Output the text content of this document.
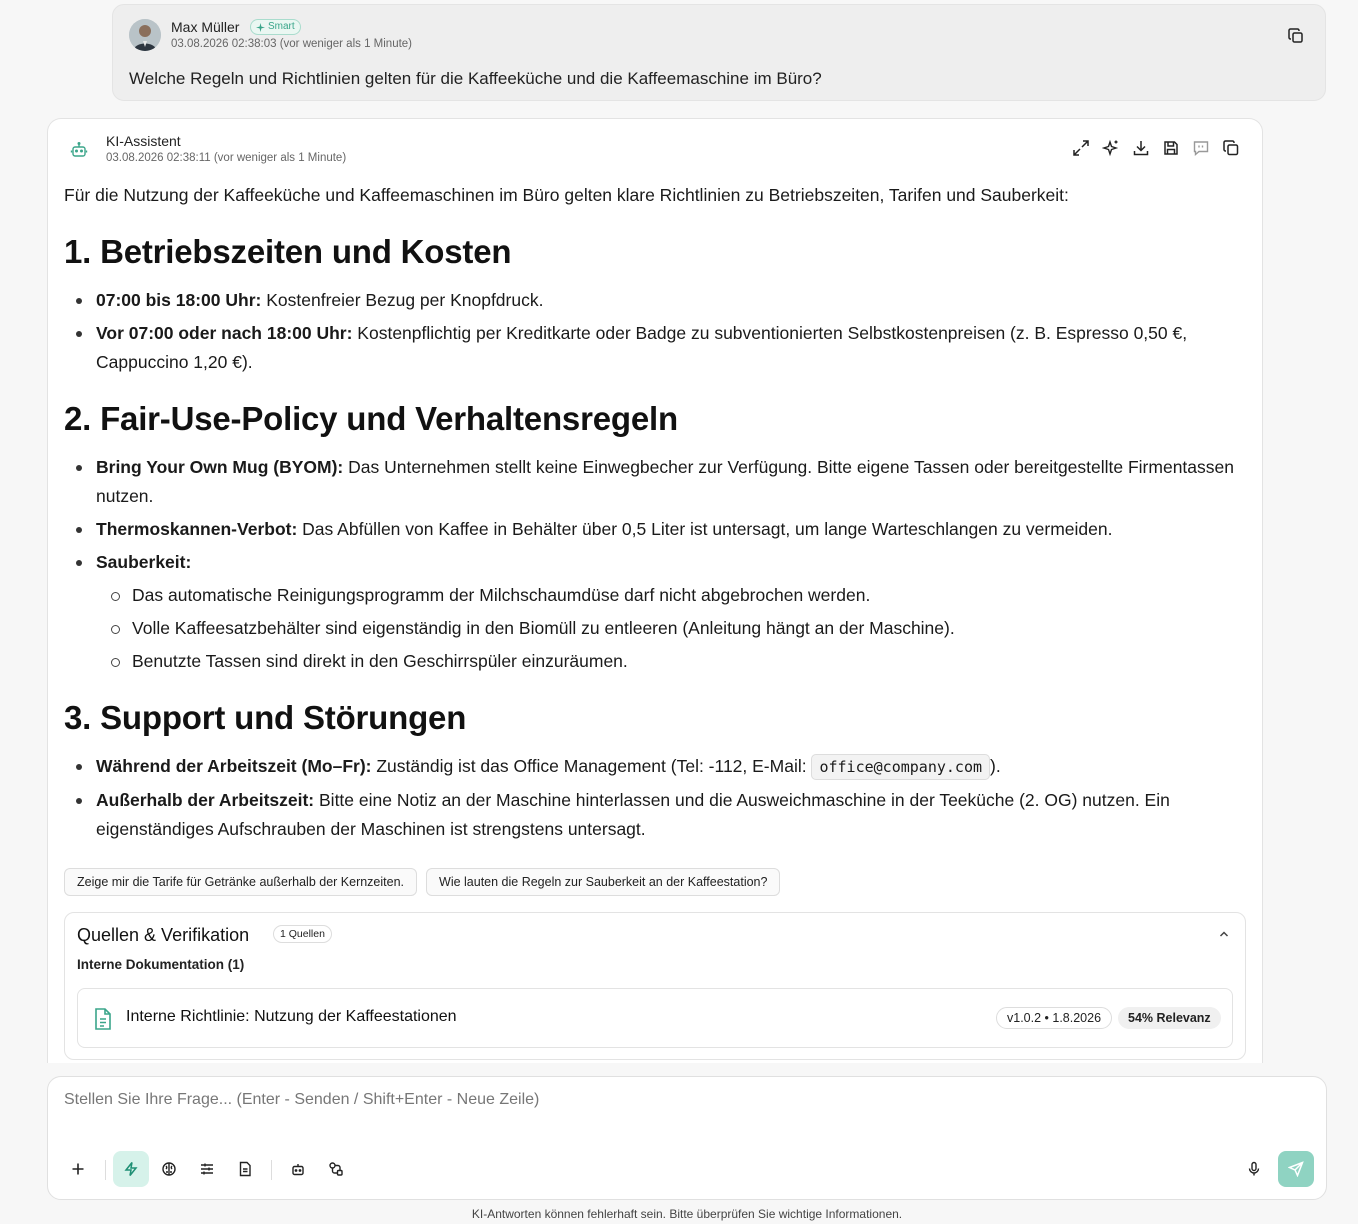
Max Müller	Smart
03.08.2026 02:38:03 (vor weniger als 1 Minute)
Welche Regeln und Richtlinien gelten für die Kaffeeküche und die Kaffeemaschine im Büro?
KI-Assistent
03.08.2026 02:38:11 (vor weniger als 1 Minute)

Für die Nutzung der Kaffeeküche und Kaffeemaschinen im Büro gelten klare Richtlinien zu Betriebszeiten, Tarifen und Sauberkeit:

1. Betriebszeiten und Kosten
07:00 bis 18:00 Uhr: Kostenfreier Bezug per Knopfdruck.
Vor 07:00 oder nach 18:00 Uhr: Kostenpflichtig per Kreditkarte oder Badge zu subventionierten Selbstkostenpreisen (z. B. Espresso 0,50 €, Cappuccino 1,20 €).
2. Fair-Use-Policy und Verhaltensregeln
Bring Your Own Mug (BYOM): Das Unternehmen stellt keine Einwegbecher zur Verfügung. Bitte eigene Tassen oder bereitgestellte Firmentassen nutzen.
Thermoskannen-Verbot: Das Abfüllen von Kaffee in Behälter über 0,5 Liter ist untersagt, um lange Warteschlangen zu vermeiden.
Sauberkeit:
Das automatische Reinigungsprogramm der Milchschaumdüse darf nicht abgebrochen werden.
Volle Kaffeesatzbehälter sind eigenständig in den Biomüll zu entleeren (Anleitung hängt an der Maschine).
Benutzte Tassen sind direkt in den Geschirrspüler einzuräumen.
3. Support und Störungen
Während der Arbeitszeit (Mo–Fr): Zuständig ist das Office Management (Tel: -112, E-Mail: office@company.com ).
Außerhalb der Arbeitszeit: Bitte eine Notiz an der Maschine hinterlassen und die Ausweichmaschine in der Teeküche (2. OG) nutzen. Ein eigenständiges Aufschrauben der Maschinen ist strengstens untersagt.
Zeige mir die Tarife für Getränke außerhalb der Kernzeiten.	Wie lauten die Regeln zur Sauberkeit an der Kaffeestation?
Quellen & Verifikation	1 Quellen
Interne Dokumentation (1)
Interne Richtlinie: Nutzung der Kaffeestationen	v1.0.2 • 1.8.2026	54% Relevanz
Stellen Sie Ihre Frage... (Enter - Senden / Shift+Enter - Neue Zeile)
KI-Antworten können fehlerhaft sein. Bitte überprüfen Sie wichtige Informationen.
